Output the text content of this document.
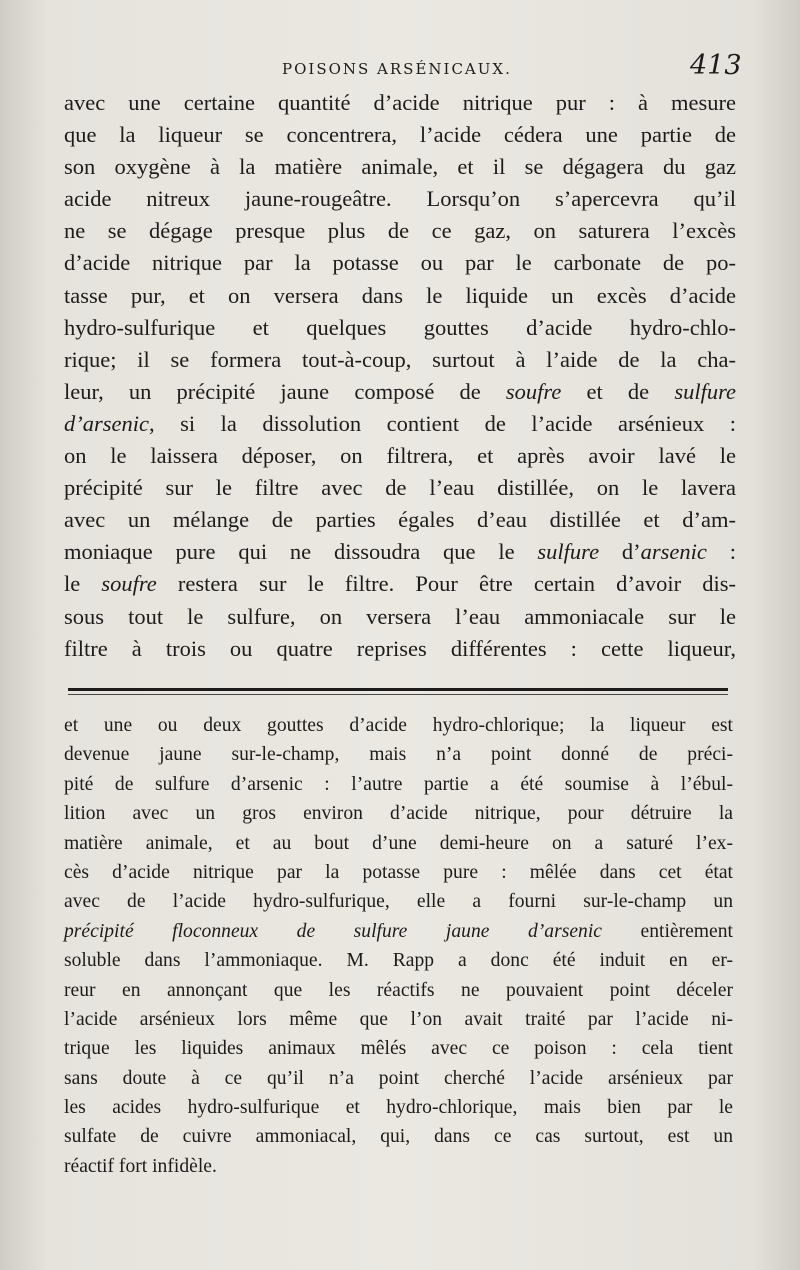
POISONS ARSÉNICAUX.	413
avec une certaine quantité d’acide nitrique pur : à mesure
que la liqueur se concentrera, l’acide cédera une partie de
son oxygène à la matière animale, et il se dégagera du gaz
acide nitreux jaune-rougeâtre. Lorsqu’on s’apercevra qu’il
ne se dégage presque plus de ce gaz, on saturera l’excès
d’acide nitrique par la potasse ou par le carbonate de po-
tasse pur, et on versera dans le liquide un excès d’acide
hydro-sulfurique et quelques gouttes d’acide hydro-chlo-
rique; il se formera tout-à-coup, surtout à l’aide de la cha-
leur, un précipité jaune composé de soufre et de sulfure
d’arsenic, si la dissolution contient de l’acide arsénieux :
on le laissera déposer, on filtrera, et après avoir lavé le
précipité sur le filtre avec de l’eau distillée, on le lavera
avec un mélange de parties égales d’eau distillée et d’am-
moniaque pure qui ne dissoudra que le sulfure d’arsenic :
le soufre restera sur le filtre. Pour être certain d’avoir dis-
sous tout le sulfure, on versera l’eau ammoniacale sur le
filtre à trois ou quatre reprises différentes : cette liqueur,
et une ou deux gouttes d’acide hydro-chlorique; la liqueur est
devenue jaune sur-le-champ, mais n’a point donné de préci-
pité de sulfure d’arsenic : l’autre partie a été soumise à l’ébul-
lition avec un gros environ d’acide nitrique, pour détruire la
matière animale, et au bout d’une demi-heure on a saturé l’ex-
cès d’acide nitrique par la potasse pure : mêlée dans cet état
avec de l’acide hydro-sulfurique, elle a fourni sur-le-champ un
précipité floconneux de sulfure jaune d’arsenic entièrement
soluble dans l’ammoniaque. M. Rapp a donc été induit en er-
reur en annonçant que les réactifs ne pouvaient point déceler
l’acide arsénieux lors même que l’on avait traité par l’acide ni-
trique les liquides animaux mêlés avec ce poison : cela tient
sans doute à ce qu’il n’a point cherché l’acide arsénieux par
les acides hydro-sulfurique et hydro-chlorique, mais bien par le
sulfate de cuivre ammoniacal, qui, dans ce cas surtout, est un
réactif fort infidèle.
